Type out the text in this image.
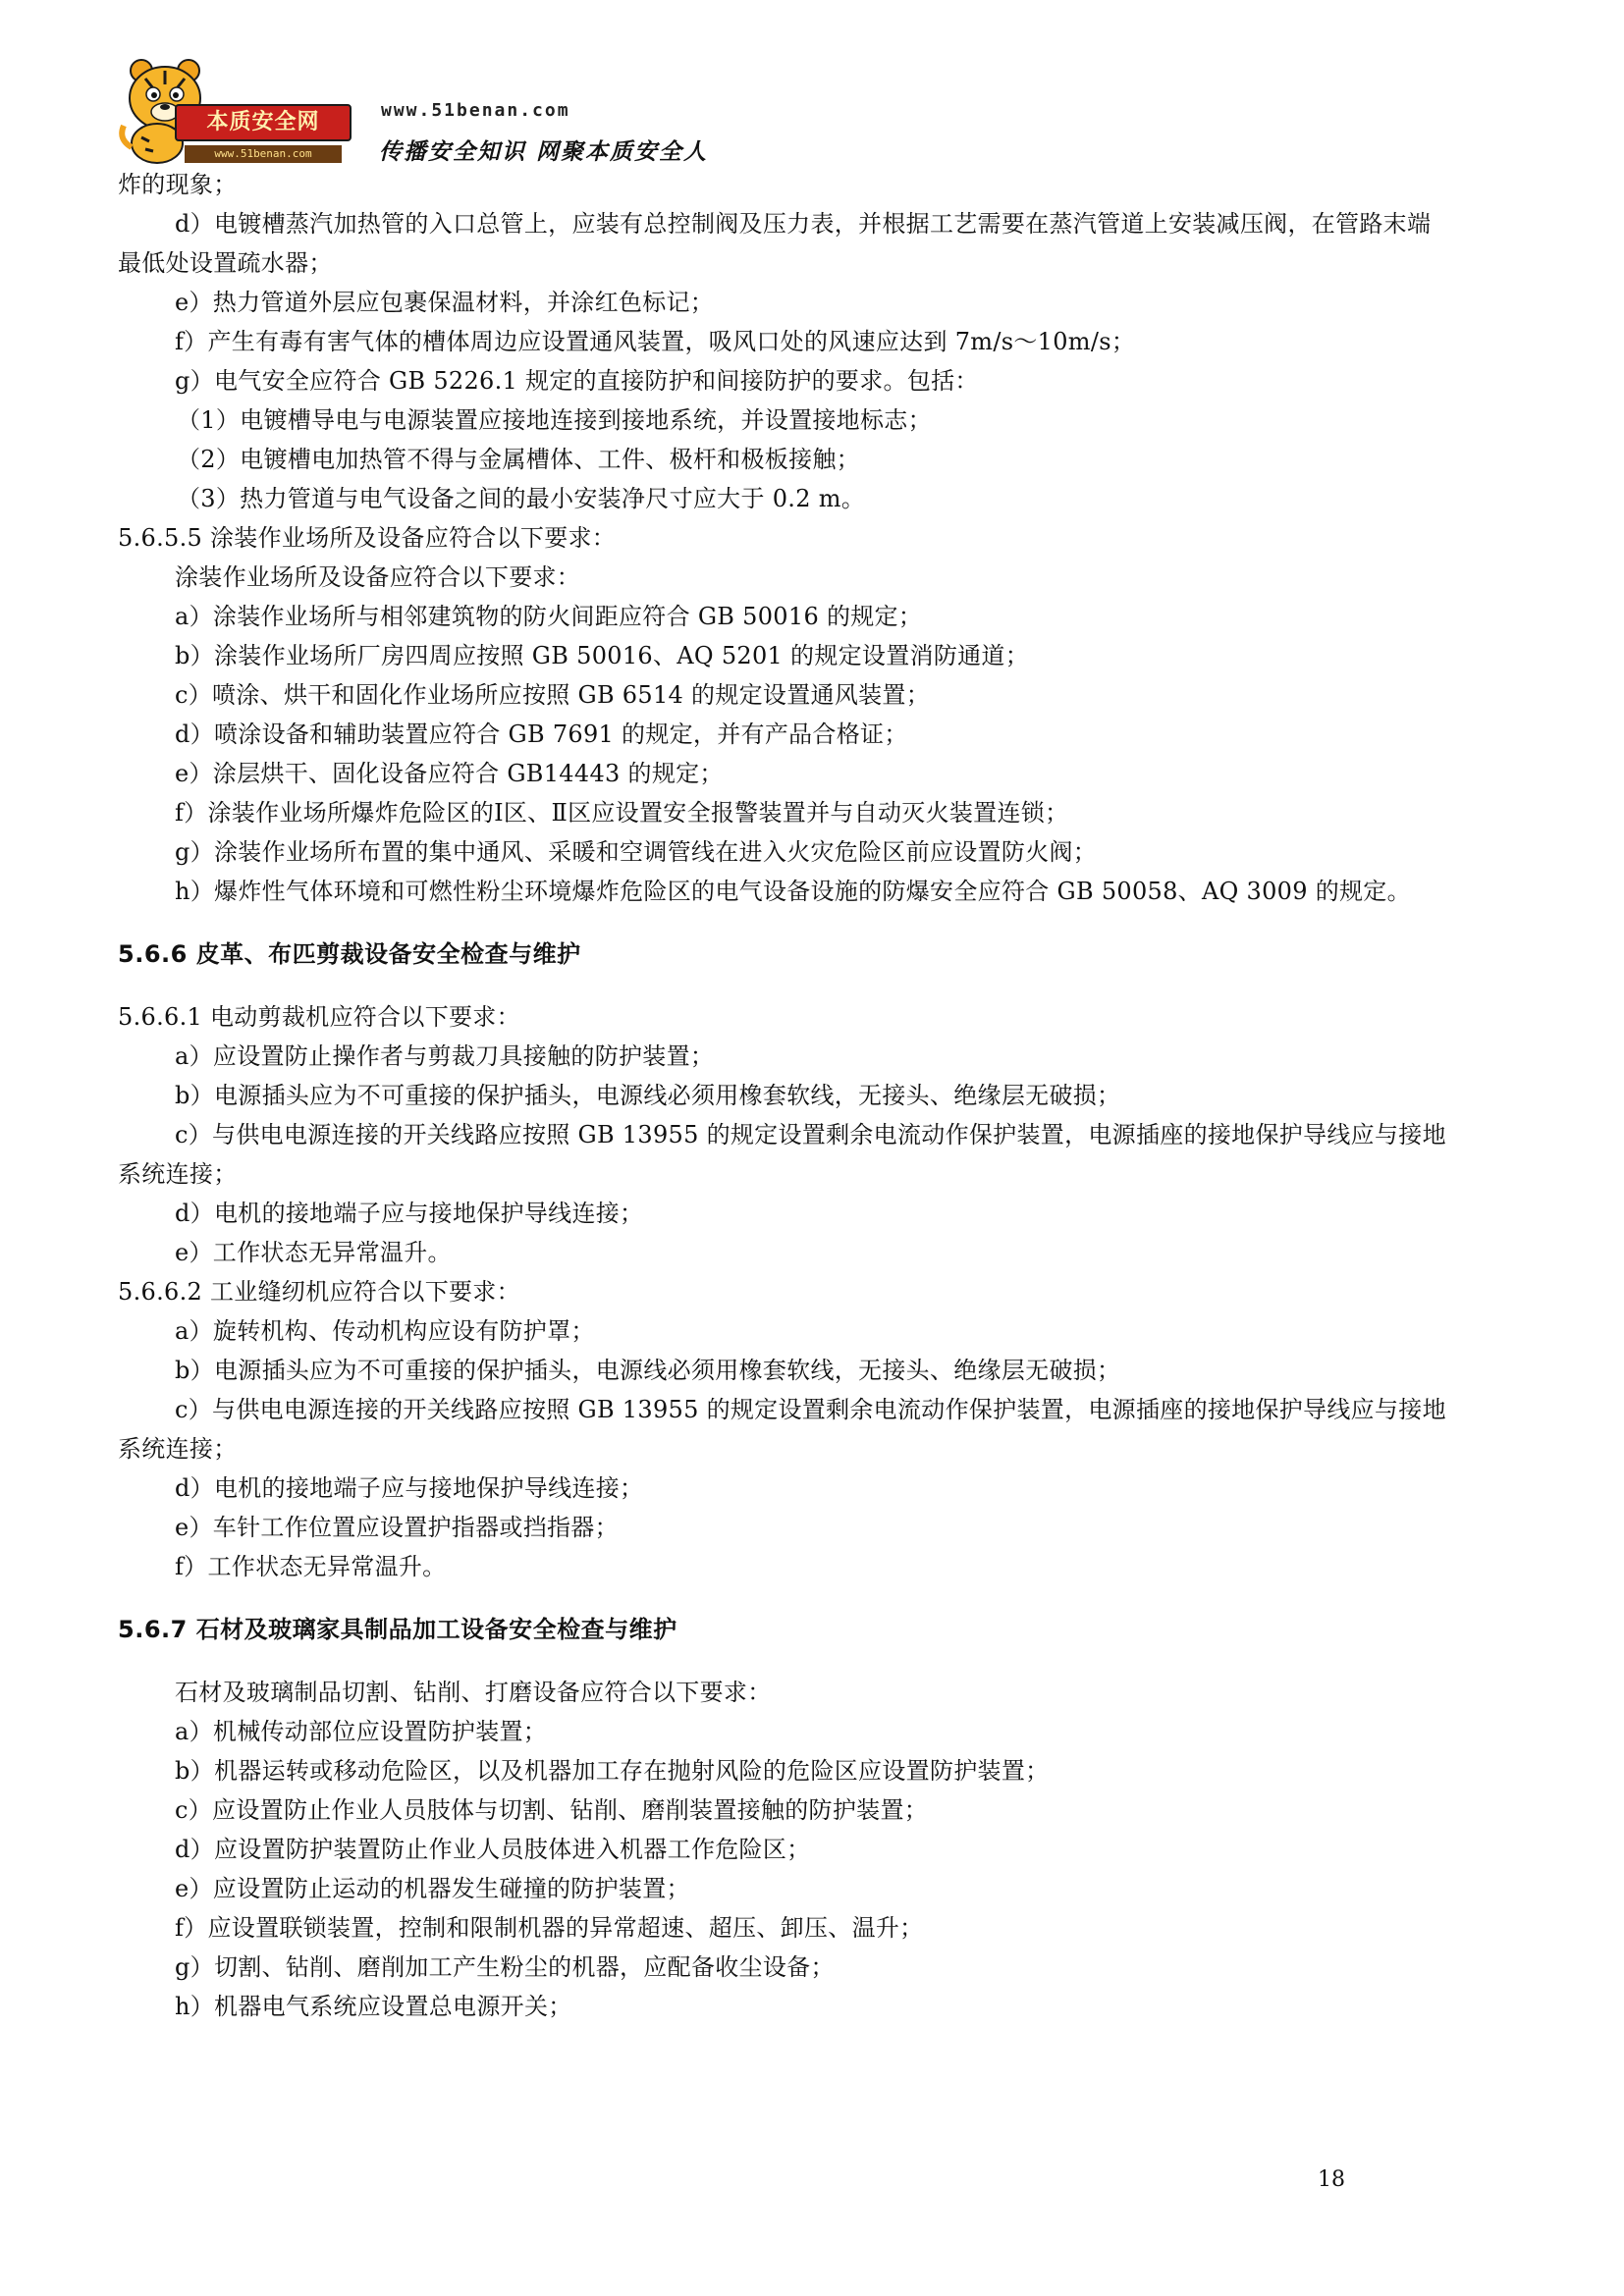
本质安全网
www.51benan.com
www.51benan.com
传播安全知识 网聚本质安全人
炸的现象；
d）电镀槽蒸汽加热管的入口总管上，应装有总控制阀及压力表，并根据工艺需要在蒸汽管道上安装减压阀，在管路末端最低处设置疏水器；
e）热力管道外层应包裹保温材料，并涂红色标记；
f）产生有毒有害气体的槽体周边应设置通风装置，吸风口处的风速应达到 7m/s～10m/s；
g）电气安全应符合 GB 5226.1 规定的直接防护和间接防护的要求。包括：
（1）电镀槽导电与电源装置应接地连接到接地系统，并设置接地标志；
（2）电镀槽电加热管不得与金属槽体、工件、极杆和极板接触；
（3）热力管道与电气设备之间的最小安装净尺寸应大于 0.2 m。
5.6.5.5 涂装作业场所及设备应符合以下要求：
涂装作业场所及设备应符合以下要求：
a）涂装作业场所与相邻建筑物的防火间距应符合 GB 50016 的规定；
b）涂装作业场所厂房四周应按照 GB 50016、AQ 5201 的规定设置消防通道；
c）喷涂、烘干和固化作业场所应按照 GB 6514 的规定设置通风装置；
d）喷涂设备和辅助装置应符合 GB 7691 的规定，并有产品合格证；
e）涂层烘干、固化设备应符合 GB14443 的规定；
f）涂装作业场所爆炸危险区的Ⅰ区、Ⅱ区应设置安全报警装置并与自动灭火装置连锁；
g）涂装作业场所布置的集中通风、采暖和空调管线在进入火灾危险区前应设置防火阀；
h）爆炸性气体环境和可燃性粉尘环境爆炸危险区的电气设备设施的防爆安全应符合 GB 50058、AQ 3009 的规定。
5.6.6 皮革、布匹剪裁设备安全检查与维护
5.6.6.1 电动剪裁机应符合以下要求：
a）应设置防止操作者与剪裁刀具接触的防护装置；
b）电源插头应为不可重接的保护插头，电源线必须用橡套软线，无接头、绝缘层无破损；
c）与供电电源连接的开关线路应按照 GB 13955 的规定设置剩余电流动作保护装置，电源插座的接地保护导线应与接地系统连接；
d）电机的接地端子应与接地保护导线连接；
e）工作状态无异常温升。
5.6.6.2 工业缝纫机应符合以下要求：
a）旋转机构、传动机构应设有防护罩；
b）电源插头应为不可重接的保护插头，电源线必须用橡套软线，无接头、绝缘层无破损；
c）与供电电源连接的开关线路应按照 GB 13955 的规定设置剩余电流动作保护装置，电源插座的接地保护导线应与接地系统连接；
d）电机的接地端子应与接地保护导线连接；
e）车针工作位置应设置护指器或挡指器；
f）工作状态无异常温升。
5.6.7 石材及玻璃家具制品加工设备安全检查与维护
石材及玻璃制品切割、钻削、打磨设备应符合以下要求：
a）机械传动部位应设置防护装置；
b）机器运转或移动危险区，以及机器加工存在抛射风险的危险区应设置防护装置；
c）应设置防止作业人员肢体与切割、钻削、磨削装置接触的防护装置；
d）应设置防护装置防止作业人员肢体进入机器工作危险区；
e）应设置防止运动的机器发生碰撞的防护装置；
f）应设置联锁装置，控制和限制机器的异常超速、超压、卸压、温升；
g）切割、钻削、磨削加工产生粉尘的机器，应配备收尘设备；
h）机器电气系统应设置总电源开关；
18
